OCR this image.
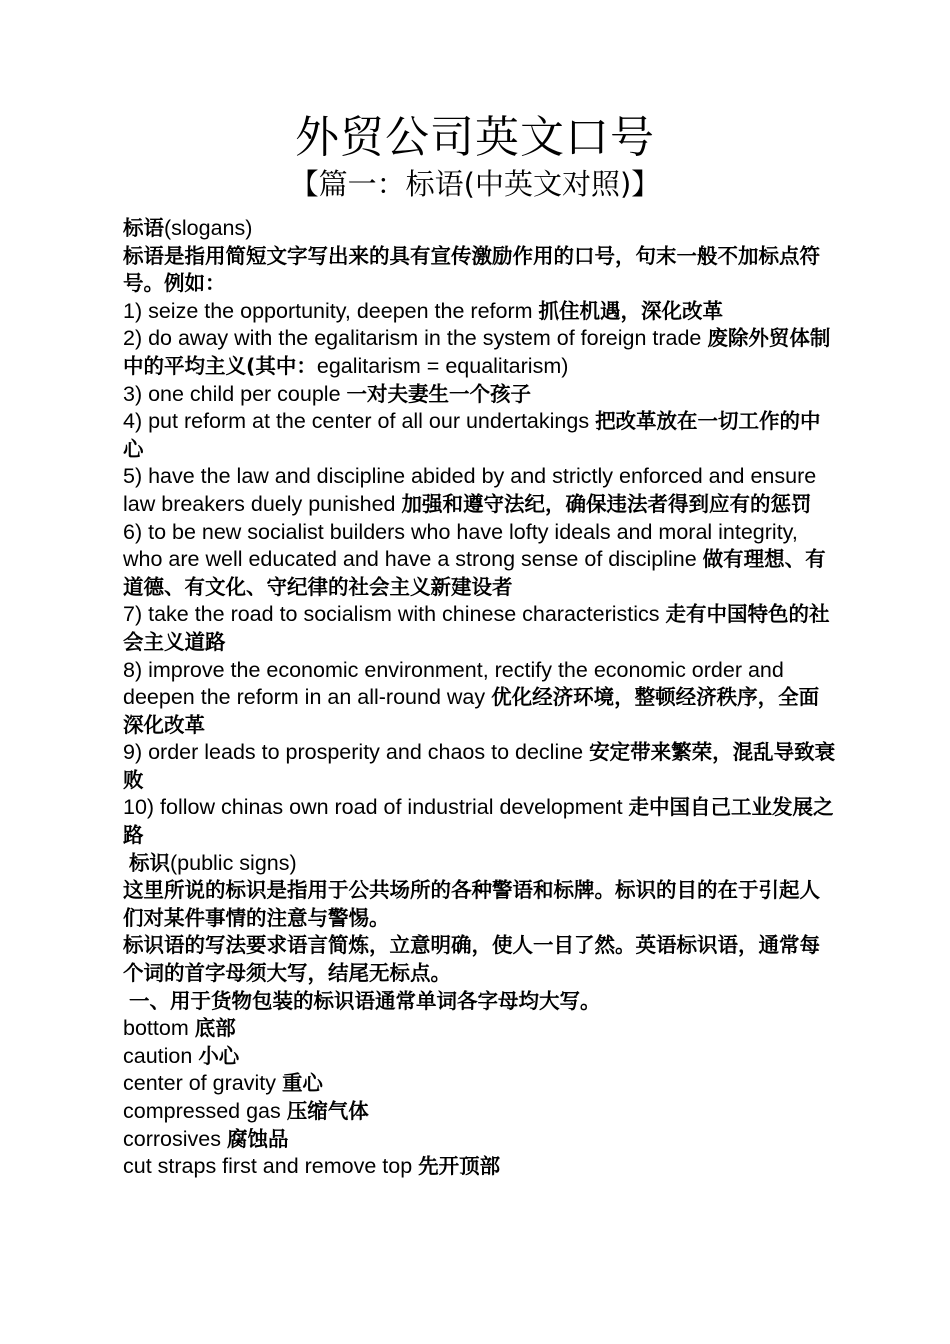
外贸公司英文口号
【篇一：标语(中英文对照)】

标语(slogans)

标语是指用简短文字写出来的具有宣传激励作用的口号，句末一般不加标点符号。例如：

1) seize the opportunity, deepen the reform 抓住机遇，深化改革

2) do away with the egalitarism in the system of foreign trade 废除外贸体制中的平均主义(其中：egalitarism = equalitarism)

3) one child per couple 一对夫妻生一个孩子

4) put reform at the center of all our undertakings 把改革放在一切工作的中心

5) have the law and discipline abided by and strictly enforced and ensure law breakers duely punished 加强和遵守法纪，确保违法者得到应有的惩罚

6) to be new socialist builders who have lofty ideals and moral integrity, who are well educated and have a strong sense of discipline 做有理想、有道德、有文化、守纪律的社会主义新建设者

7) take the road to socialism with chinese characteristics 走有中国特色的社会主义道路

8) improve the economic environment, rectify the economic order and deepen the reform in an all-round way 优化经济环境，整顿经济秩序，全面深化改革

9) order leads to prosperity and chaos to decline 安定带来繁荣，混乱导致衰败

10) follow chinas own road of industrial development 走中国自己工业发展之路

标识(public signs)

这里所说的标识是指用于公共场所的各种警语和标牌。标识的目的在于引起人们对某件事情的注意与警惕。

标识语的写法要求语言简炼，立意明确，使人一目了然。英语标识语，通常每个词的首字母须大写，结尾无标点。

一、用于货物包装的标识语通常单词各字母均大写。

bottom 底部

caution 小心

center of gravity 重心

compressed gas 压缩气体

corrosives 腐蚀品

cut straps first and remove top 先开顶部
